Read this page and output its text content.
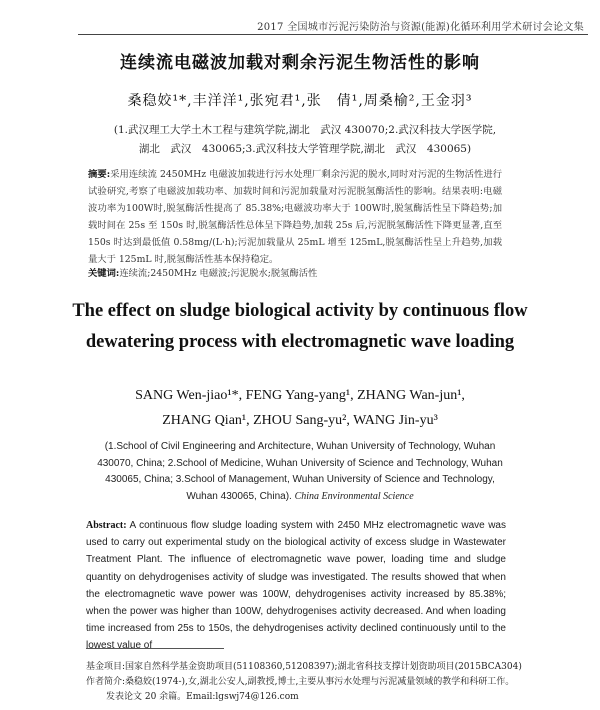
2017 全国城市污泥污染防治与资源(能源)化循环利用学术研讨会论文集
连续流电磁波加载对剩余污泥生物活性的影响
桑稳姣¹*,丰洋洋¹,张宛君¹,张　倩¹,周桑榆²,王金羽³
(1.武汉理工大学土木工程与建筑学院,湖北　武汉 430070;2.武汉科技大学医学院,湖北　武汉　430065;3.武汉科技大学管理学院,湖北　武汉　430065)
摘要:采用连续流 2450MHz 电磁波加载进行污水处理厂剩余污泥的脱水,同时对污泥的生物活性进行试验研究,考察了电磁波加载功率、加载时间和污泥加载量对污泥脱氢酶活性的影响。结果表明:电磁波功率为100W时,脱氢酶活性提高了 85.38%;电磁波功率大于 100W时,脱氢酶活性呈下降趋势;加载时间在 25s 至 150s 时,脱氢酶活性总体呈下降趋势,加载 25s 后,污泥脱氢酶活性下降更显著,直至 150s 时达到最低值 0.58mg/(L·h);污泥加载量从 25mL 增至 125mL,脱氢酶活性呈上升趋势,加载量大于 125mL 时,脱氢酶活性基本保持稳定。
关键词:连续流;2450MHz 电磁波;污泥脱水;脱氢酶活性
The effect on sludge biological activity by continuous flow dewatering process with electromagnetic wave loading
SANG Wen-jiao¹*, FENG Yang-yang¹, ZHANG Wan-jun¹,
ZHANG Qian¹, ZHOU Sang-yu², WANG Jin-yu³
(1.School of Civil Engineering and Architecture, Wuhan University of Technology, Wuhan 430070, China; 2.School of Medicine, Wuhan University of Science and Technology, Wuhan 430065, China; 3.School of Management, Wuhan University of Science and Technology, Wuhan 430065, China). China Environmental Science
Abstract: A continuous flow sludge loading system with 2450 MHz electromagnetic wave was used to carry out experimental study on the biological activity of excess sludge in Wastewater Treatment Plant. The influence of electromagnetic wave power, loading time and sludge quantity on dehydrogenises activity of sludge was investigated. The results showed that when the electromagnetic wave power was 100W, dehydrogenises activity increased by 85.38%; when the power was higher than 100W, dehydrogenises activity decreased. And when loading time increased from 25s to 150s, the dehydrogenises activity declined continuously until to the lowest value of
基金项目:国家自然科学基金资助项目(51108360,51208397);湖北省科技支撑计划资助项目(2015BCA304)
作者简介:桑稳姣(1974-),女,湖北公安人,副教授,博士,主要从事污水处理与污泥减量领域的教学和科研工作。
发表论文 20 余篇。Email:lgswj74@126.com
